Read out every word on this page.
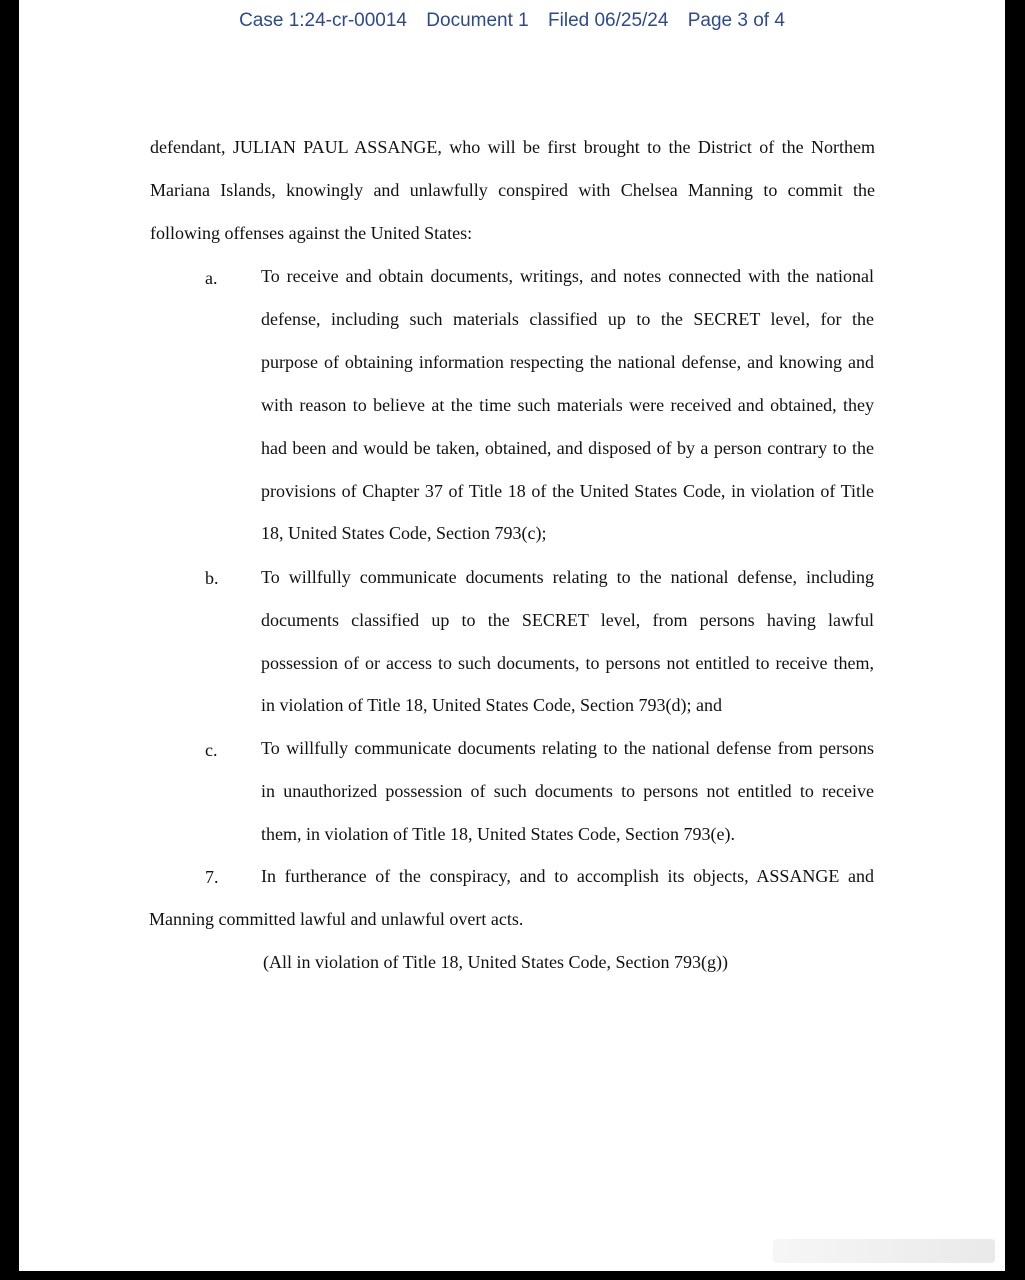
Case 1:24-cr-00014 Document 1 Filed 06/25/24 Page 3 of 4
defendant, JULIAN PAUL ASSANGE, who will be first brought to the District of the Northem
Mariana Islands, knowingly and unlawfully conspired with Chelsea Manning to commit the
following offenses against the United States:
a. To receive and obtain documents, writings, and notes connected with the national
defense, including such materials classified up to the SECRET level, for the
purpose of obtaining information respecting the national defense, and knowing and
with reason to believe at the time such materials were received and obtained, they
had been and would be taken, obtained, and disposed of by a person contrary to the
provisions of Chapter 37 of Title 18 of the United States Code, in violation of Title
18, United States Code, Section 793(c);
b. To willfully communicate documents relating to the national defense, including
documents classified up to the SECRET level, from persons having lawful
possession of or access to such documents, to persons not entitled to receive them,
in violation of Title 18, United States Code, Section 793(d); and
c. To willfully communicate documents relating to the national defense from persons
in unauthorized possession of such documents to persons not entitled to receive
them, in violation of Title 18, United States Code, Section 793(e).
7. In furtherance of the conspiracy, and to accomplish its objects, ASSANGE and
Manning committed lawful and unlawful overt acts.
(All in violation of Title 18, United States Code, Section 793(g))
